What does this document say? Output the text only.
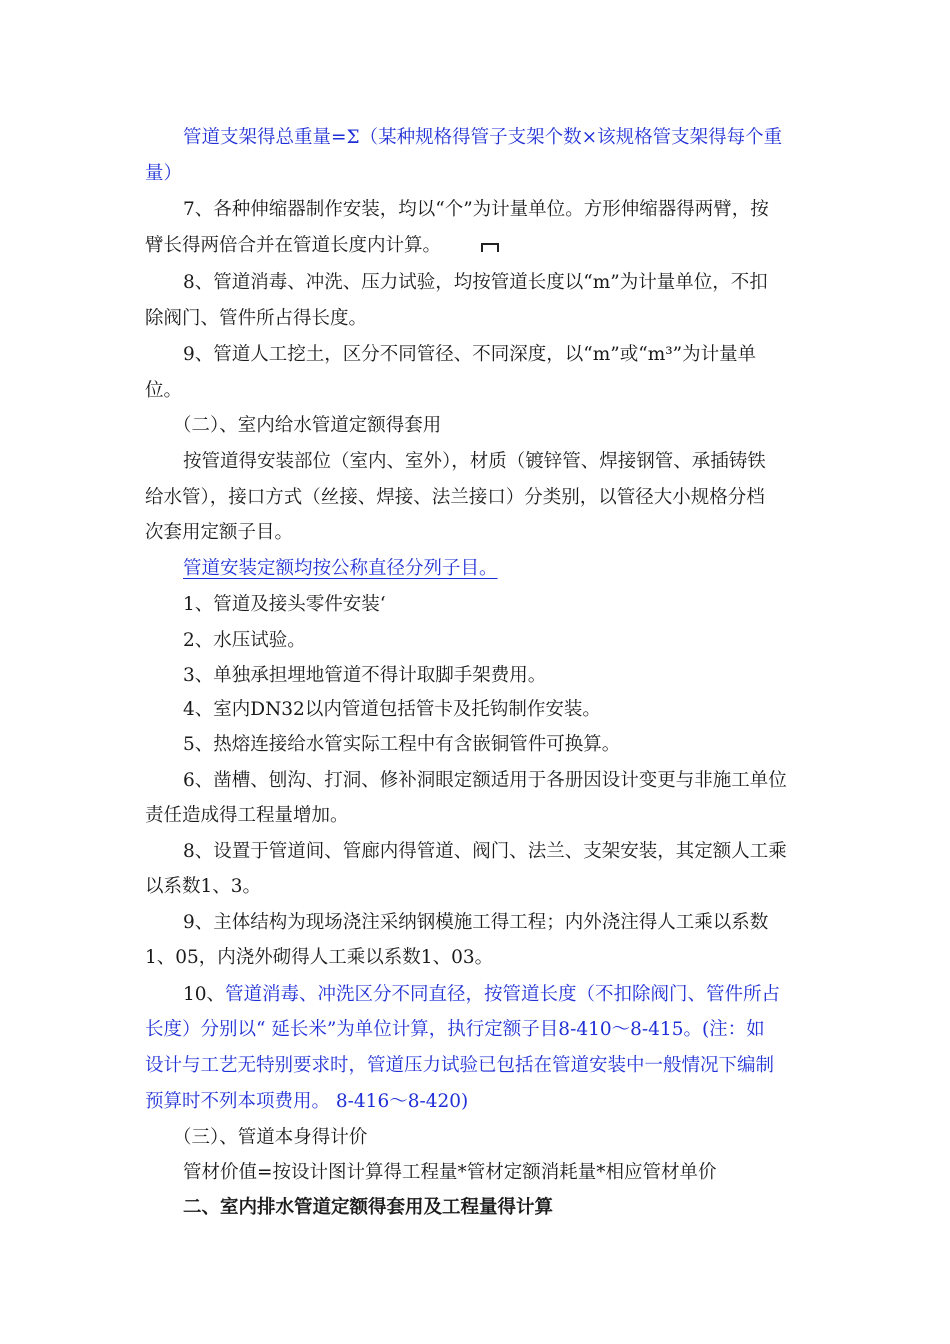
管道支架得总重量=Σ（某种规格得管子支架个数×该规格管支架得每个重
量）
7、各种伸缩器制作安装，均以“个”为计量单位。方形伸缩器得两臂，按
臂长得两倍合并在管道长度内计算。
8、管道消毒、冲洗、压力试验，均按管道长度以“m”为计量单位，不扣
除阀门、管件所占得长度。
9、管道人工挖土，区分不同管径、不同深度，以“m”或“m³”为计量单
位。
（二）、室内给水管道定额得套用
按管道得安装部位（室内、室外），材质（镀锌管、焊接钢管、承插铸铁
给水管），接口方式（丝接、焊接、法兰接口）分类别，以管径大小规格分档
次套用定额子目。
管道安装定额均按公称直径分列子目。
1、管道及接头零件安装‘
2、水压试验。
3、单独承担埋地管道不得计取脚手架费用。
4、室内DN32以内管道包括管卡及托钩制作安装。
5、热熔连接给水管实际工程中有含嵌铜管件可换算。
6、凿槽、刨沟、打洞、修补洞眼定额适用于各册因设计变更与非施工单位
责任造成得工程量增加。
8、设置于管道间、管廊内得管道、阀门、法兰、支架安装，其定额人工乘
以系数1、3。
9、主体结构为现场浇注采纳钢模施工得工程；内外浇注得人工乘以系数
1、05，内浇外砌得人工乘以系数1、03。
10、管道消毒、冲洗区分不同直径，按管道长度（不扣除阀门、管件所占
长度）分别以“ 延长米”为单位计算，执行定额子目8-410～8-415。(注：如
设计与工艺无特别要求时，管道压力试验已包括在管道安装中一般情况下编制
预算时不列本项费用。 8-416～8-420)
（三）、管道本身得计价
管材价值=按设计图计算得工程量*管材定额消耗量*相应管材单价
二、室内排水管道定额得套用及工程量得计算
